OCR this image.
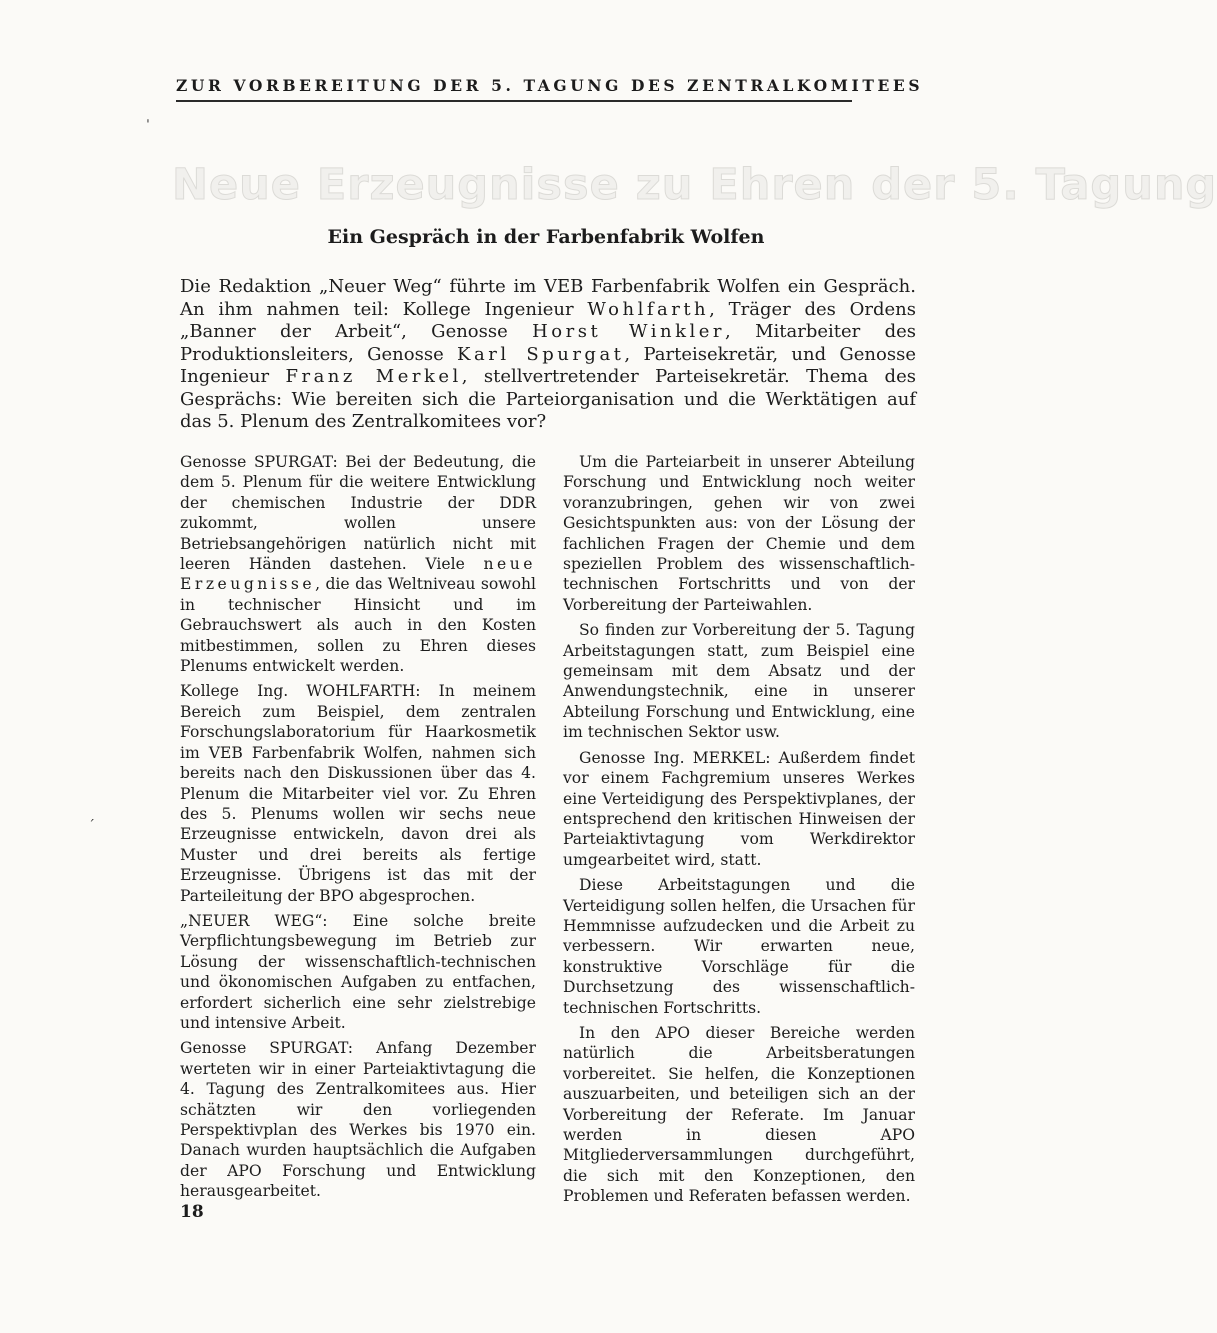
ZUR VORBEREITUNG DER 5. TAGUNG DES ZENTRALKOMITEES
ˈ
Neue Erzeugnisse zu Ehren der 5. Tagung
Ein Gespräch in der Farbenfabrik Wolfen

Die Redaktion „Neuer Weg“ führte im VEB Farbenfabrik Wolfen ein Gespräch. An ihm nahmen teil: Kollege Ingenieur Wohlfarth, Träger des Ordens „Banner der Arbeit“, Genosse Horst Winkler, Mitarbeiter des Produktionsleiters, Genosse Karl Spurgat, Parteisekretär, und Genosse Ingenieur Franz Merkel, stellvertretender Parteisekretär. Thema des Gesprächs: Wie bereiten sich die Parteiorganisation und die Werktätigen auf das 5. Plenum des Zentralkomitees vor?

Genosse SPURGAT: Bei der Bedeutung, die dem 5. Plenum für die weitere Entwicklung der chemischen Industrie der DDR zukommt, wollen unsere Betriebsangehörigen natürlich nicht mit leeren Händen dastehen. Viele neue Erzeugnisse, die das Weltniveau sowohl in technischer Hinsicht und im Gebrauchswert als auch in den Kosten mitbestimmen, sollen zu Ehren dieses Plenums entwickelt werden.

Kollege Ing. WOHLFARTH: In meinem Bereich zum Beispiel, dem zentralen Forschungslaboratorium für Haarkosmetik im VEB Farbenfabrik Wolfen, nahmen sich bereits nach den Diskussionen über das 4. Plenum die Mitarbeiter viel vor. Zu Ehren des 5. Plenums wollen wir sechs neue Erzeugnisse entwickeln, davon drei als Muster und drei bereits als fertige Erzeugnisse. Übrigens ist das mit der Parteileitung der BPO abgesprochen.

„NEUER WEG“: Eine solche breite Verpflichtungsbewegung im Betrieb zur Lösung der wissenschaftlich-technischen und ökonomischen Aufgaben zu entfachen, erfordert sicherlich eine sehr zielstrebige und intensive Arbeit.

Genosse SPURGAT: Anfang Dezember werteten wir in einer Parteiaktivtagung die 4. Tagung des Zentralkomitees aus. Hier schätzten wir den vorliegenden Perspektivplan des Werkes bis 1970 ein. Danach wurden hauptsächlich die Aufgaben der APO Forschung und Entwicklung herausgearbeitet.

Um die Parteiarbeit in unserer Abteilung Forschung und Entwicklung noch weiter voranzubringen, gehen wir von zwei Gesichtspunkten aus: von der Lösung der fachlichen Fragen der Chemie und dem speziellen Problem des wissenschaftlich-technischen Fortschritts und von der Vorbereitung der Parteiwahlen.

So finden zur Vorbereitung der 5. Tagung Arbeitstagungen statt, zum Beispiel eine gemeinsam mit dem Absatz und der Anwendungstechnik, eine in unserer Abteilung Forschung und Entwicklung, eine im technischen Sektor usw.

Genosse Ing. MERKEL: Außerdem findet vor einem Fachgremium unseres Werkes eine Verteidigung des Perspektivplanes, der entsprechend den kritischen Hinweisen der Parteiaktivtagung vom Werkdirektor umgearbeitet wird, statt.

Diese Arbeitstagungen und die Verteidigung sollen helfen, die Ursachen für Hemmnisse aufzudecken und die Arbeit zu verbessern. Wir erwarten neue, konstruktive Vorschläge für die Durchsetzung des wissenschaftlich-technischen Fortschritts.

In den APO dieser Bereiche werden natürlich die Arbeitsberatungen vorbereitet. Sie helfen, die Konzeptionen auszuarbeiten, und beteiligen sich an der Vorbereitung der Referate. Im Januar werden in diesen APO Mitgliederversammlungen durchgeführt, die sich mit den Konzeptionen, den Problemen und Referaten befassen werden.

ˊ
18
